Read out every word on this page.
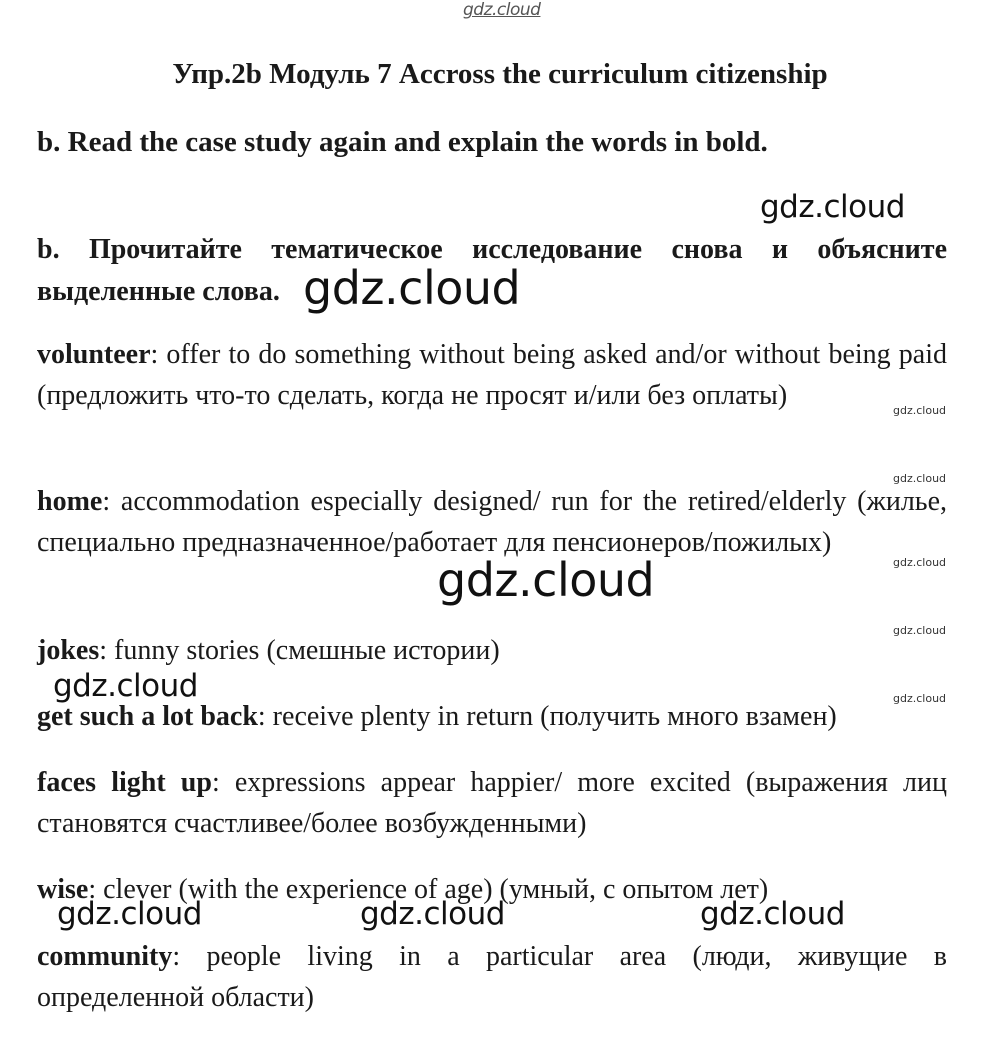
gdz.cloud
Упр.2b Модуль 7 Accross the curriculum citizenship

b. Read the case study again and explain the words in bold.

gdz.cloud

b. Прочитайте тематическое исследование снова и объясните выделенные слова. gdz.cloud

volunteer: offer to do something without being asked and/or without being paid (предложить что-то сделать, когда не просят и/или без оплаты)	gdz.cloud
gdz.cloud

home: accommodation especially designed/ run for the retired/elderly (жилье, специально предназначенное/работает для пенсионеров/пожилых)

gdz.cloud
gdz.cloud
gdz.cloud

jokes: funny stories (смешные истории)

gdz.cloud	gdz.cloud

get such a lot back: receive plenty in return (получить много взамен)

faces light up: expressions appear happier/ more excited (выражения лиц становятся счастливее/более возбужденными)

wise: clever (with the experience of age) (умный, с опытом лет)

gdz.cloud	gdz.cloud	gdz.cloud

community: people living in a particular area (люди, живущие в определенной области)
